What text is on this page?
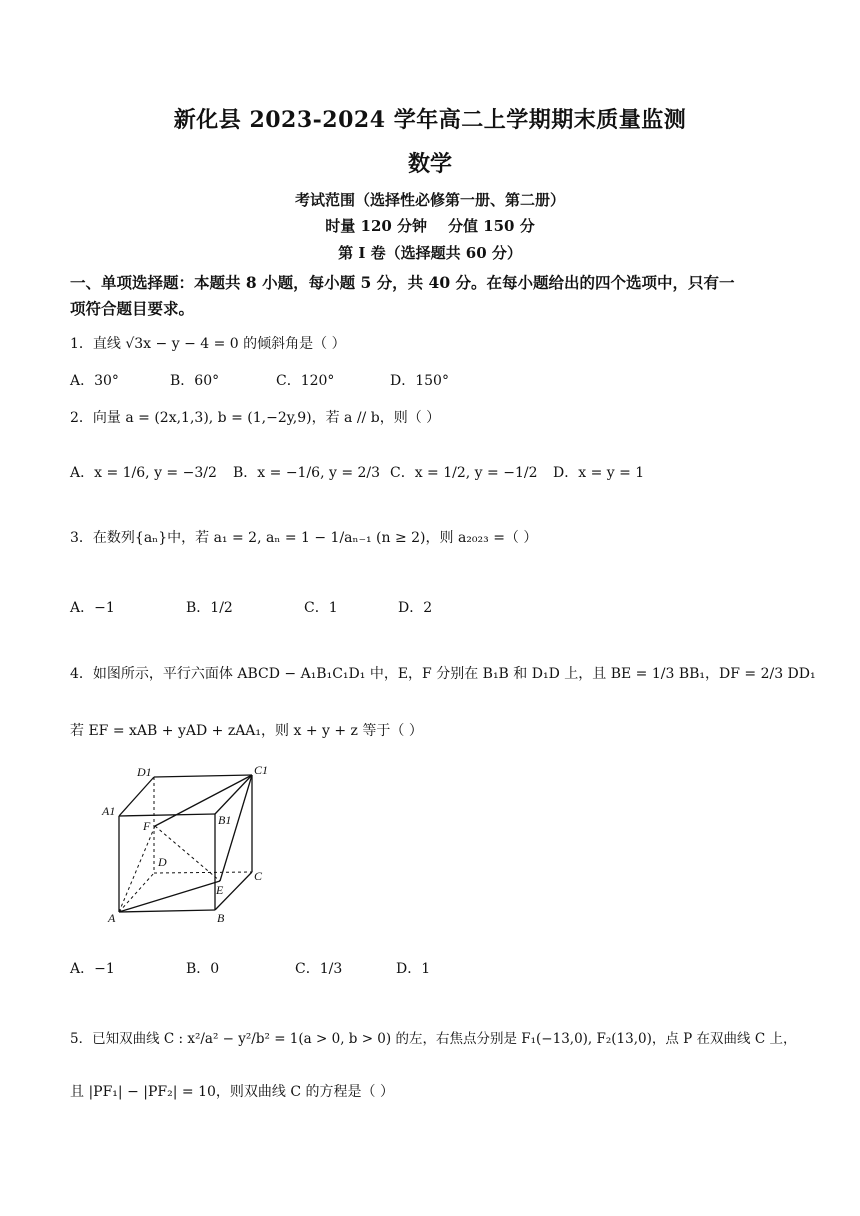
新化县 2023-2024 学年高二上学期期末质量监测
数学
考试范围（选择性必修第一册、第二册）
时量 120 分钟    分值 150 分
第 I 卷（选择题共 60 分）
一、单项选择题：本题共 8 小题，每小题 5 分，共 40 分。在每小题给出的四个选项中，只有一
项符合题目要求。
1．直线 √3x − y − 4 = 0 的倾斜角是（ ）
A．30°	B．60°	C．120°	D．150°
2．向量 a = (2x,1,3), b = (1,−2y,9)，若 a // b，则（ ）
A．x = 1/6, y = −3/2 B．x = −1/6, y = 2/3 C．x = 1/2, y = −1/2 D．x = y = 1
3．在数列{aₙ}中，若 a₁ = 2, aₙ = 1 − 1/aₙ₋₁ (n ≥ 2)，则 a₂₀₂₃ =（ ）
A．−1	B．1/2	C．1	D．2
4．如图所示，平行六面体 ABCD − A₁B₁C₁D₁ 中，E，F 分别在 B₁B 和 D₁D 上，且 BE = 1/3 BB₁，DF = 2/3 DD₁
若 EF = xAB + yAD + zAA₁，则 x + y + z 等于（ ）
D1	C1
A1
F	B1
D
C
E
A	B
A．−1	B．0	C．1/3	D．1
5．已知双曲线 C : x²/a² − y²/b² = 1(a > 0, b > 0) 的左，右焦点分别是 F₁(−13,0), F₂(13,0)，点 P 在双曲线 C 上，
且 |PF₁| − |PF₂| = 10，则双曲线 C 的方程是（ ）
